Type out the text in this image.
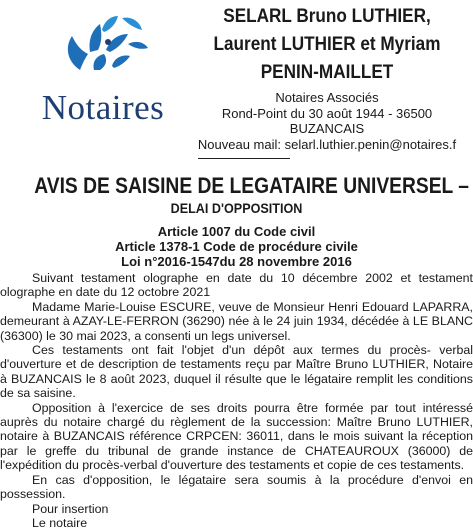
Notaires
SELARL Bruno LUTHIER,
Laurent LUTHIER et Myriam
PENIN-MAILLET
Notaires Associés
Rond-Point du 30 août 1944 - 36500
BUZANCAIS
Nouveau mail: selarl.luthier.penin@notaires.f
AVIS DE SAISINE DE LEGATAIRE UNIVERSEL –
DELAI D'OPPOSITION
Article 1007 du Code civil
Article 1378-1 Code de procédure civile
Loi n°2016-1547du 28 novembre 2016

Suivant testament olographe en date du 10 décembre 2002 et testament olographe en date du 12 octobre 2021

Madame Marie-Louise ESCURE, veuve de Monsieur Henri Edouard LAPARRA, demeurant à AZAY-LE-FERRON (36290) née à le 24 juin 1934, décédée à LE BLANC (36300) le 30 mai 2023, a consenti un legs universel.

Ces testaments ont fait l'objet d'un dépôt aux termes du procès- verbal d'ouverture et de description de testaments reçu par Maître Bruno LUTHIER, Notaire à BUZANCAIS le 8 août 2023, duquel il résulte que le légataire remplit les conditions de sa saisine.

Opposition à l'exercice de ses droits pourra être formée par tout intéressé auprès du notaire chargé du règlement de la succession: Maître Bruno LUTHIER, notaire à BUZANCAIS référence CRPCEN: 36011, dans le mois suivant la réception par le greffe du tribunal de grande instance de CHATEAUROUX (36000) de l'expédition du procès-verbal d'ouverture des testaments et copie de ces testaments.

En cas d'opposition, le légataire sera soumis à la procédure d'envoi en possession.

Pour insertion

Le notaire
